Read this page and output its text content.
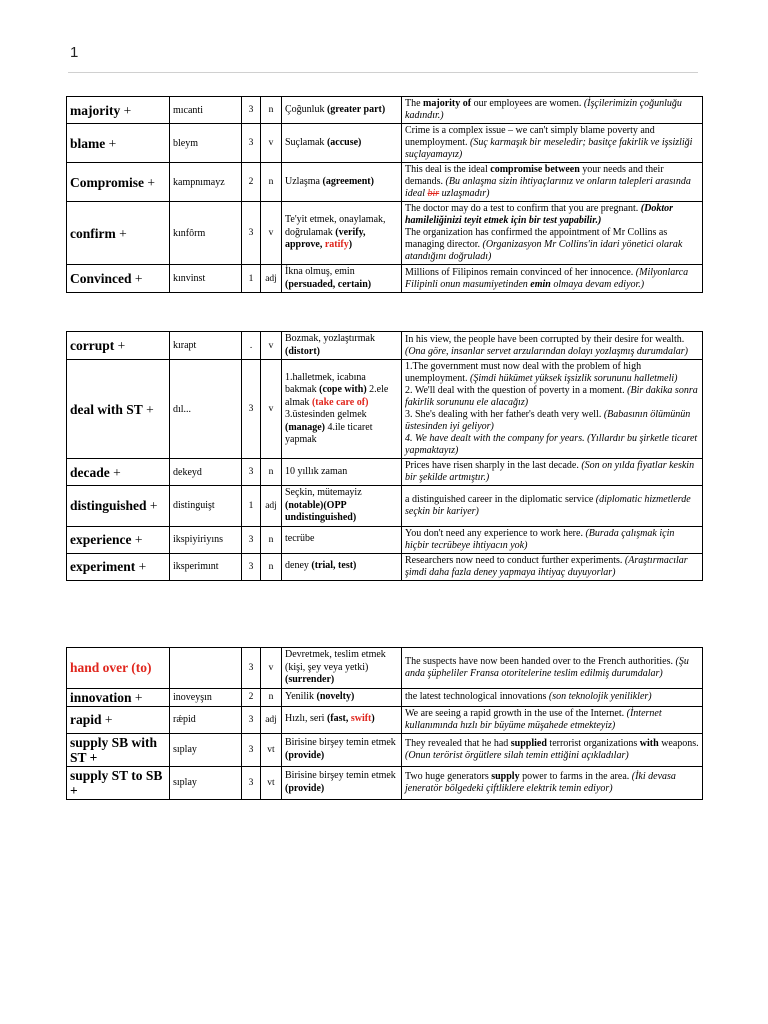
1
majority +	mıcanti	3	n	Çoğunluk (greater part)	The majority of our employees are women. (İşçilerimizin çoğunluğu kadındır.)

blame +	bleym	3	v	Suçlamak (accuse)	Crime is a complex issue – we can't simply blame poverty and unemployment. (Suç karmaşık bir meseledir; basitçe fakirlik ve işsizliği suçlayamayız)

Compromise +	kampnımayz	2	n	Uzlaşma (agreement)	This deal is the ideal compromise between your needs and their demands. (Bu anlaşma sizin ihtiyaçlarınız ve onların talepleri arasında ideal bir uzlaşmadır)

confirm +	kınfôrm	3	v	Te'yit etmek, onaylamak, doğrulamak (verify, approve, ratify)	The doctor may do a test to confirm that you are pregnant. (Doktor hamileliğinizi teyit etmek için bir test yapabilir.)
The organization has confirmed the appointment of Mr Collins as managing director. (Organizasyon Mr Collins'in idari yönetici olarak atandığını doğruladı)

Convinced +	kınvinst	1	adj	İkna olmuş, emin (persuaded, certain)	Millions of Filipinos remain convinced of her innocence. (Milyonlarca Filipinli onun masumiyetinden emin olmaya devam ediyor.)
corrupt +	kırapt	.	v	Bozmak, yozlaştırmak (distort)	In his view, the people have been corrupted by their desire for wealth. (Ona göre, insanlar servet arzularından dolayı yozlaşmış durumdalar)

deal with ST +	dıl...	3	v	1.halletmek, icabına bakmak (cope with) 2.ele almak (take care of) 3.üstesinden gelmek (manage) 4.ile ticaret yapmak	1.The government must now deal with the problem of high unemployment. (Şimdi hükümet yüksek işsizlik sorununu halletmeli)
2. We'll deal with the question of poverty in a moment. (Bir dakika sonra fakirlik sorununu ele alacağız)
3. She's dealing with her father's death very well. (Babasının ölümünün üstesinden iyi geliyor)
4. We have dealt with the company for years. (Yıllardır bu şirketle ticaret yapmaktayız)

decade +	dekeyd	3	n	10 yıllık zaman	Prices have risen sharply in the last decade. (Son on yılda fiyatlar keskin bir şekilde artmıştır.)

distinguished +	distinguişt	1	adj	Seçkin, mütemayiz (notable)(OPP undistinguished)	a distinguished career in the diplomatic service (diplomatic hizmetlerde seçkin bir kariyer)

experience +	ikspiyiriyıns	3	n	tecrübe	You don't need any experience to work here. (Burada çalışmak için hiçbir tecrübeye ihtiyacın yok)

experiment +	iksperimınt	3	n	deney (trial, test)	Researchers now need to conduct further experiments. (Araştırmacılar şimdi daha fazla deney yapmaya ihtiyaç duyuyorlar)
hand over (to)		3	v	Devretmek, teslim etmek (kişi, şey veya yetki) (surrender)	The suspects have now been handed over to the French authorities. (Şu anda şüpheliler Fransa otoritelerine teslim edilmiş durumdalar)

innovation +	inoveyşın	2	n	Yenilik (novelty)	the latest technological innovations (son teknolojik yenilikler)

rapid +	rǽpid	3	adj	Hızlı, seri (fast, swift)	We are seeing a rapid growth in the use of the Internet. (İnternet kullanımında hızlı bir büyüme müşahede etmekteyiz)

supply SB with ST +	sıplay	3	vt	Birisine birşey temin etmek (provide)	They revealed that he had supplied terrorist organizations with weapons. (Onun terörist örgütlere silah temin ettiğini açıkladılar)

supply ST to SB +	sıplay	3	vt	Birisine birşey temin etmek (provide)	Two huge generators supply power to farms in the area. (İki devasa jeneratör bölgedeki çiftliklere elektrik temin ediyor)
